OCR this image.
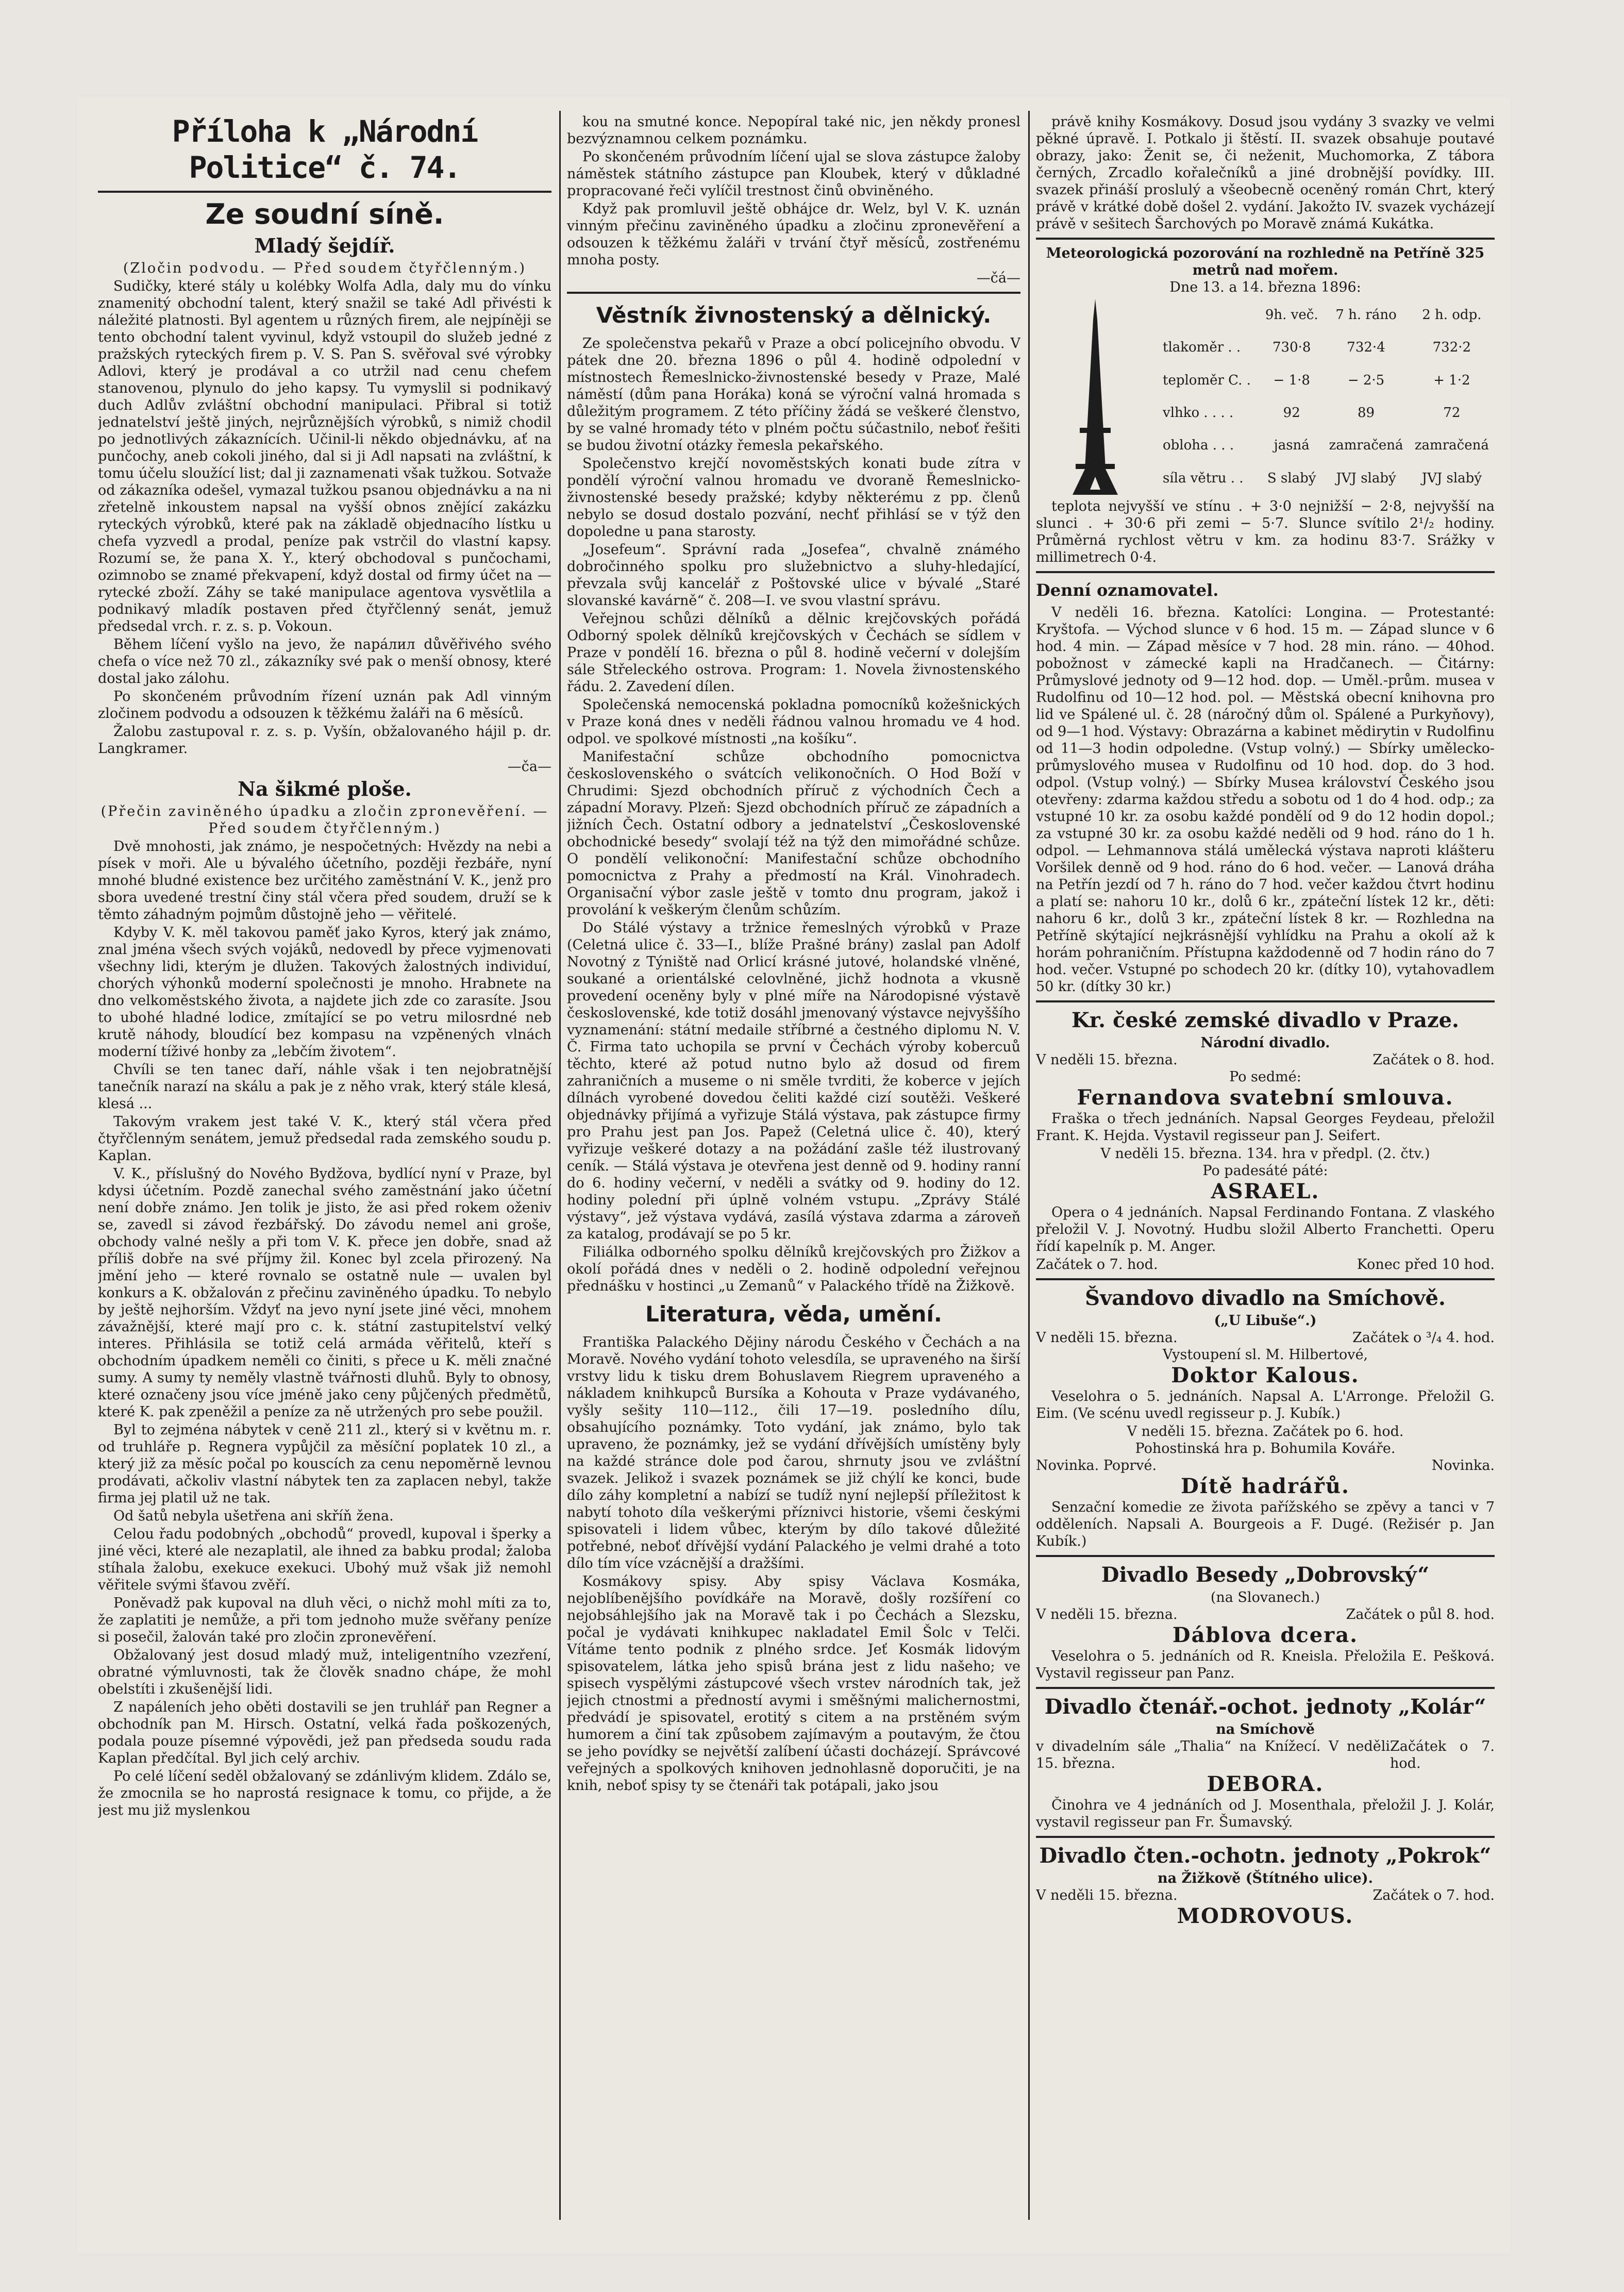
Příloha k „Národní Politice“ č. 74.
Ze soudní síně.
Mladý šejdíř.
(Zločin podvodu. — Před soudem čtyřčlenným.)

Sudičky, které stály u kolébky Wolfa Adla, daly mu do vínku znamenitý obchodní talent, který snažil se také Adl přivésti k náležité platnosti. Byl agentem u různých firem, ale nejpíněji se tento obchodní talent vyvinul, když vstoupil do služeb jedné z pražských ryteckých firem p. V. S. Pan S. svěřoval své výrobky Adlovi, který je prodával a co utržil nad cenu chefem stanovenou, plynulo do jeho kapsy. Tu vymyslil si podnikavý duch Adlův zvláštní obchodní manipulaci. Přibral si totiž jednatelství ještě jiných, nejrůznějších výrobků, s nimiž chodil po jednotlivých zákaznících. Učinil-li někdo objednávku, ať na punčochy, aneb cokoli jiného, dal si ji Adl napsati na zvláštní, k tomu účelu sloužící list; dal ji zaznamenati však tužkou. Sotvaže od zákazníka odešel, vymazal tužkou psanou objednávku a na ni zřetelně inkoustem napsal na vyšší obnos znějící zakázku ryteckých výrobků, které pak na základě objednacího lístku u chefa vyzvedl a prodal, peníze pak vstrčil do vlastní kapsy. Rozumí se, že pana X. Y., který obchodoval s punčochami, ozimnobo se znamé překvapení, když dostal od firmy účet na — rytecké zboží. Záhy se také manipulace agentova vysvětlila a podnikavý mladík postaven před čtyřčlenný senát, jemuž předsedal vrch. r. z. s. p. Vokoun.

Během líčení vyšlo na jevo, že napáлил důvěřivého svého chefa o více než 70 zl., zákazníky své pak o menší obnosy, které dostal jako zálohu.

Po skončeném průvodním řízení uznán pak Adl vinným zločinem podvodu a odsouzen k těžkému žaláři na 6 měsíců.

Žalobu zastupoval r. z. s. p. Vyšín, obžalovaného hájil p. dr. Langkramer.

—ča—
Na šikmé ploše.
(Přečin zaviněného úpadku a zločin zpronevěření. — Před soudem čtyřčlenným.)

Dvě mnohosti, jak známo, je nespočetných: Hvězdy na nebi a písek v moři. Ale u bývalého účetního, později řezbáře, nyní mnohé bludné existence bez určitého zaměstnání V. K., jenž pro sbora uvedené trestní činy stál včera před soudem, druží se k těmto záhadným pojmům důstojně jeho — věřitelé.

Kdyby V. K. měl takovou paměť jako Kyros, který jak známo, znal jména všech svých vojáků, nedovedl by přece vyjmenovati všechny lidi, kterým je dlužen. Takových žalostných individuí, chorých výhonků moderní společnosti je mnoho. Hrabnete na dno velkoměstského života, a najdete jich zde co zarasíte. Jsou to ubohé hladné lodice, zmítající se po vetru milosrdné neb krutě náhody, bloudící bez kompasu na vzpěnených vlnách moderní tíživé honby za „lebčím životem“.

Chvíli se ten tanec daří, náhle však i ten nejobratnější tanečník narazí na skálu a pak je z něho vrak, který stále klesá, klesá ...

Takovým vrakem jest také V. K., který stál včera před čtyřčlenným senátem, jemuž předsedal rada zemského soudu p. Kaplan.

V. K., příslušný do Nového Bydžova, bydlící nyní v Praze, byl kdysi účetním. Pozdě zanechal svého zaměstnání jako účetní není dobře známo. Jen tolik je jisto, že asi před rokem oženiv se, zavedl si závod řezbářský. Do závodu nemel ani groše, obchody valné nešly a při tom V. K. přece jen dobře, snad až příliš dobře na své příjmy žil. Konec byl zcela přirozený. Na jmění jeho — které rovnalo se ostatně nule — uvalen byl konkurs a K. obžalován z přečinu zaviněného úpadku. To nebylo by ještě nejhorším. Vždyť na jevo nyní jsete jiné věci, mnohem závažnější, které mají pro c. k. státní zastupitelství velký interes. Přihlásila se totiž celá armáda věřitelů, kteří s obchodním úpadkem neměli co činiti, s přece u K. měli značné sumy. A sumy ty neměly vlastně tvářnosti dluhů. Byly to obnosy, které označeny jsou více jméně jako ceny půjčených předmětů, které K. pak zpeněžil a peníze za ně utržených pro sebe použil.

Byl to zejména nábytek v ceně 211 zl., který si v květnu m. r. od truhláře p. Regnera vypůjčil za měsíční poplatek 10 zl., a který již za měsíc počal po kouscích za cenu nepoměrně levnou prodávati, ačkoliv vlastní nábytek ten za zaplacen nebyl, takže firma jej platil už ne tak.

Od šatů nebyla ušetřena ani skříň žena.

Celou řadu podobných „obchodů“ provedl, kupoval i šperky a jiné věci, které ale nezaplatil, ale ihned za babku prodal; žaloba stíhala žalobu, exekuce exekuci. Ubohý muž však již nemohl věřitele svými šťavou zvěří.

Poněvadž pak kupoval na dluh věci, o nichž mohl míti za to, že zaplatiti je nemůže, a při tom jednoho muže svěřany peníze si posečil, žalován také pro zločin zpronevěření.

Obžalovaný jest dosud mladý muž, inteligentního vzezření, obratné výmluvnosti, tak že člověk snadno chápe, že mohl obelstíti i zkušenější lidi.

Z napáleních jeho oběti dostavili se jen truhlář pan Regner a obchodník pan M. Hirsch. Ostatní, velká řada poškozených, podala pouze písemné výpovědi, jež pan předseda soudu rada Kaplan předčítal. Byl jich celý archiv.

Po celé líčení seděl obžalovaný se zdánlivým klidem. Zdálo se, že zmocnila se ho naprostá resignace k tomu, co přijde, a že jest mu již myslenkou

kou na smutné konce. Nepopíral také nic, jen někdy pronesl bezvýznamnou celkem poznámku.

Po skončeném průvodním líčení ujal se slova zástupce žaloby náměstek státního zástupce pan Kloubek, který v důkladné propracované řeči vylíčil trestnost činů obviněného.

Když pak promluvil ještě obhájce dr. Welz, byl V. K. uznán vinným přečinu zaviněného úpadku a zločinu zpronevěření a odsouzen k těžkému žaláři v trvání čtyř měsíců, zostřenému mnoha posty.

—čá—
Věstník živnostenský a dělnický.

Ze společenstva pekařů v Praze a obcí policejního obvodu. V pátek dne 20. března 1896 o půl 4. hodině odpolední v místnostech Řemeslnicko-živnostenské besedy v Praze, Malé náměstí (dům pana Horáka) koná se výroční valná hromada s důležitým programem. Z této příčiny žádá se veškeré členstvo, by se valné hromady této v plném počtu súčastnilo, neboť řešiti se budou životní otázky řemesla pekařského.

Společenstvo krejčí novoměstských konati bude zítra v pondělí výroční valnou hromadu ve dvoraně Řemeslnicko-živnostenské besedy pražské; kdyby některému z pp. členů nebylo se dosud dostalo pozvání, nechť přihlásí se v týž den dopoledne u pana starosty.

„Josefeum“. Správní rada „Josefea“, chvalně známého dobročinného spolku pro služebnictvo a sluhy-hledající, převzala svůj kancelář z Poštovské ulice v bývalé „Staré slovanské kavárně“ č. 208—I. ve svou vlastní správu.

Veřejnou schůzi dělníků a dělnic krejčovských pořádá Odborný spolek dělníků krejčovských v Čechách se sídlem v Praze v pondělí 16. března o půl 8. hodině večerní v dolejším sále Střeleckého ostrova. Program: 1. Novela živnostenského řádu. 2. Zavedení dílen.

Společenská nemocenská pokladna pomocníků kožešnických v Praze koná dnes v neděli řádnou valnou hromadu ve 4 hod. odpol. ve spolkové místnosti „na košíku“.

Manifestační schůze obchodního pomocnictva československého o svátcích velikonočních. O Hod Boží v Chrudimi: Sjezd obchodních příruč z východních Čech a západní Moravy. Plzeň: Sjezd obchodních příruč ze západních a jižních Čech. Ostatní odbory a jednatelství „Československé obchodnické besedy“ svolají též na týž den mimořádné schůze. O pondělí velikonoční: Manifestační schůze obchodního pomocnictva z Prahy a předmostí na Král. Vinohradech. Organisační výbor zasle ještě v tomto dnu program, jakož i provolání k veškerým členům schůzím.

Do Stálé výstavy a tržnice řemeslných výrobků v Praze (Celetná ulice č. 33—I., blíže Prašné brány) zaslal pan Adolf Novotný z Týniště nad Orlicí krásné jutové, holandské vlněné, soukané a orientálské celovlněné, jichž hodnota a vkusně provedení oceněny byly v plné míře na Národopisné výstavě československé, kde totiž dosáhl jmenovaný výstavce nejvyššího vyznamenání: státní medaile stříbrné a čestného diplomu N. V. Č. Firma tato uchopila se první v Čechách výroby kobercuů těchto, které až potud nutno bylo až dosud od firem zahraničních a museme o ni směle tvrditi, že koberce v jejích dílnách vyrobené dovedou čeliti každé cizí soutěži. Veškeré objednávky přijímá a vyřizuje Stálá výstava, pak zástupce firmy pro Prahu jest pan Jos. Papež (Celetná ulice č. 40), který vyřizuje veškeré dotazy a na požádání zašle též ilustrovaný ceník. — Stálá výstava je otevřena jest denně od 9. hodiny ranní do 6. hodiny večerní, v neděli a svátky od 9. hodiny do 12. hodiny polední při úplně volném vstupu. „Zprávy Stálé výstavy“, jež výstava vydává, zasílá výstava zdarma a zároveň za katalog, prodávají se po 5 kr.

Filiálka odborného spolku dělníků krejčovských pro Žižkov a okolí pořádá dnes v neděli o 2. hodině odpolední veřejnou přednášku v hostinci „u Zemanů“ v Palackého třídě na Žižkově.

Literatura, věda, umění.

Františka Palackého Dějiny národu Českého v Čechách a na Moravě. Nového vydání tohoto velesdíla, se upraveného na širší vrstvy lidu k tisku drem Bohuslavem Riegrem upraveného a nákladem knihkupců Bursíka a Kohouta v Praze vydávaného, vyšly sešity 110—112., čili 17—19. posledního dílu, obsahujícího poznámky. Toto vydání, jak známo, bylo tak upraveno, že poznámky, jež se vydání dřívějších umístěny byly na každé stránce dole pod čarou, shrnuty jsou ve zvláštní svazek. Jelikož i svazek poznámek se již chýlí ke konci, bude dílo záhy kompletní a nabízí se tudíž nyní nejlepší příležitost k nabytí tohoto díla veškerými příznivci historie, všemi českými spisovateli i lidem vůbec, kterým by dílo takové důležité potřebné, neboť dřívější vydání Palackého je velmi drahé a toto dílo tím více vzácnější a dražšími.

Kosmákovy spisy. Aby spisy Václava Kosmáka, nejoblíbenějšího povídkáře na Moravě, došly rozšíření co nejobsáhlejšího jak na Moravě tak i po Čechách a Slezsku, počal je vydávati knihkupec nakladatel Emil Šolc v Telči. Vítáme tento podnik z plného srdce. Jeť Kosmák lidovým spisovatelem, látka jeho spisů brána jest z lidu našeho; ve spisech vyspělými zástupcové všech vrstev národních tak, jež jejich ctnostmi a předností avymi i směšnými malichernostmi, předvádí je spisovatel, erotitý s citem a na prstěném svým humorem a činí tak způsobem zajímavým a poutavým, že čtou se jeho povídky se největší zalíbení účasti docházejí. Správcové veřejných a spolkových knihoven jednohlasně doporučiti, je na knih, neboť spisy ty se čtenáři tak potápali, jako jsou

právě knihy Kosmákovy. Dosud jsou vydány 3 svazky ve velmi pěkné úpravě. I. Potkalo ji štěstí. II. svazek obsahuje poutavé obrazy, jako: Ženit se, či neženit, Muchomorka, Z tábora černých, Zrcadlo kořalečníků a jiné drobnější povídky. III. svazek přináší proslulý a všeobecně oceněný román Chrt, který právě v krátké době došel 2. vydání. Jakožto IV. svazek vycházejí právě v sešitech Šarchových po Moravě známá Kukátka.

Meteorologická pozorování na rozhledně na Petříně 325 metrů nad mořem.
Dne 13. a 14. března 1896:
	9h. več.	7 h. ráno	2 h. odp.
tlakoměr . .	730·8	732·4	732·2
teploměr C. .	− 1·8	− 2·5	+ 1·2
vlhko . . . .	92	89	72
obloha . . .	jasná	zamračená	zamračená
síla větru . .	S slabý	JVJ slabý	JVJ slabý

teplota nejvyšší ve stínu . + 3·0 nejnižší − 2·8, nejvyšší na slunci . + 30·6 při zemi − 5·7. Slunce svítilo 2¹/₂ hodiny. Průměrná rychlost větru v km. za hodinu 83·7. Srážky v millimetrech 0·4.

Denní oznamovatel.

V neděli 16. března. Katolíci: Longina. — Protestanté: Kryštofa. — Východ slunce v 6 hod. 15 m. — Západ slunce v 6 hod. 4 min. — Západ měsíce v 7 hod. 28 min. ráno. — 40hod. pobožnost v zámecké kapli na Hradčanech. — Čitárny: Průmyslové jednoty od 9—12 hod. dop. — Uměl.-prům. musea v Rudolfinu od 10—12 hod. pol. — Městská obecní knihovna pro lid ve Spálené ul. č. 28 (náročný dům ol. Spálené a Purkyňovy), od 9—1 hod. Výstavy: Obrazárna a kabinet mědirytin v Rudolfinu od 11—3 hodin odpoledne. (Vstup volný.) — Sbírky umělecko-průmyslového musea v Rudolfinu od 10 hod. dop. do 3 hod. odpol. (Vstup volný.) — Sbírky Musea království Českého jsou otevřeny: zdarma každou středu a sobotu od 1 do 4 hod. odp.; za vstupné 10 kr. za osobu každé pondělí od 9 do 12 hodin dopol.; za vstupné 30 kr. za osobu každé neděli od 9 hod. ráno do 1 h. odpol. — Lehmannova stálá umělecká výstava naproti klášteru Voršilek denně od 9 hod. ráno do 6 hod. večer. — Lanová dráha na Petřín jezdí od 7 h. ráno do 7 hod. večer každou čtvrt hodinu a platí se: nahoru 10 kr., dolů 6 kr., zpáteční lístek 12 kr., děti: nahoru 6 kr., dolů 3 kr., zpáteční lístek 8 kr. — Rozhledna na Petříně skýtající nejkrásnější vyhlídku na Prahu a okolí až k horám pohraničním. Přístupna každodenně od 7 hodin ráno do 7 hod. večer. Vstupné po schodech 20 kr. (dítky 10), vytahovadlem 50 kr. (dítky 30 kr.)

Kr. české zemské divadlo v Praze.
Národní divadlo.
V neděli 15. března.	Začátek o 8. hod.
Po sedmé:
Fernandova svatební smlouva.

Fraška o třech jednáních. Napsal Georges Feydeau, přeložil Frant. K. Hejda. Vystavil regisseur pan J. Seifert.

V neděli 15. března. 134. hra v předpl. (2. čtv.)
Po padesáté páté:
ASRAEL.

Opera o 4 jednáních. Napsal Ferdinando Fontana. Z vlaského přeložil V. J. Novotný. Hudbu složil Alberto Franchetti. Operu řídí kapelník p. M. Anger.

Začátek o 7. hod.	Konec před 10 hod.
Švandovo divadlo na Smíchově.
(„U Libuše“.)
V neděli 15. března.	Začátek o ³/₄ 4. hod.
Vystoupení sl. M. Hilbertové,
Doktor Kalous.

Veselohra o 5. jednáních. Napsal A. L'Arronge. Přeložil G. Eim. (Ve scénu uvedl regisseur p. J. Kubík.)

V neděli 15. března. Začátek po 6. hod.
Pohostinská hra p. Bohumila Kováře.
Novinka. Poprvé.	Novinka.
Dítě hadrářů.

Senzační komedie ze života pařížského se zpěvy a tanci v 7 odděleních. Napsali A. Bourgeois a F. Dugé. (Režisér p. Jan Kubík.)

Divadlo Besedy „Dobrovský“
(na Slovanech.)
V neděli 15. března.	Začátek o půl 8. hod.
Dáblova dcera.

Veselohra o 5. jednáních od R. Kneisla. Přeložila E. Pešková. Vystavil regisseur pan Panz.

Divadlo čtenář.-ochot. jednoty „Kolár“
na Smíchově
v divadelním sále „Thalia“ na Knížecí. V neděli 15. března.
Začátek o 7. hod.
DEBORA.

Činohra ve 4 jednáních od J. Mosenthala, přeložil J. J. Kolár, vystavil regisseur pan Fr. Šumavský.

Divadlo čten.-ochotn. jednoty „Pokrok“
na Žižkově (Štítného ulice).
V neděli 15. března.	Začátek o 7. hod.
MODROVOUS.
